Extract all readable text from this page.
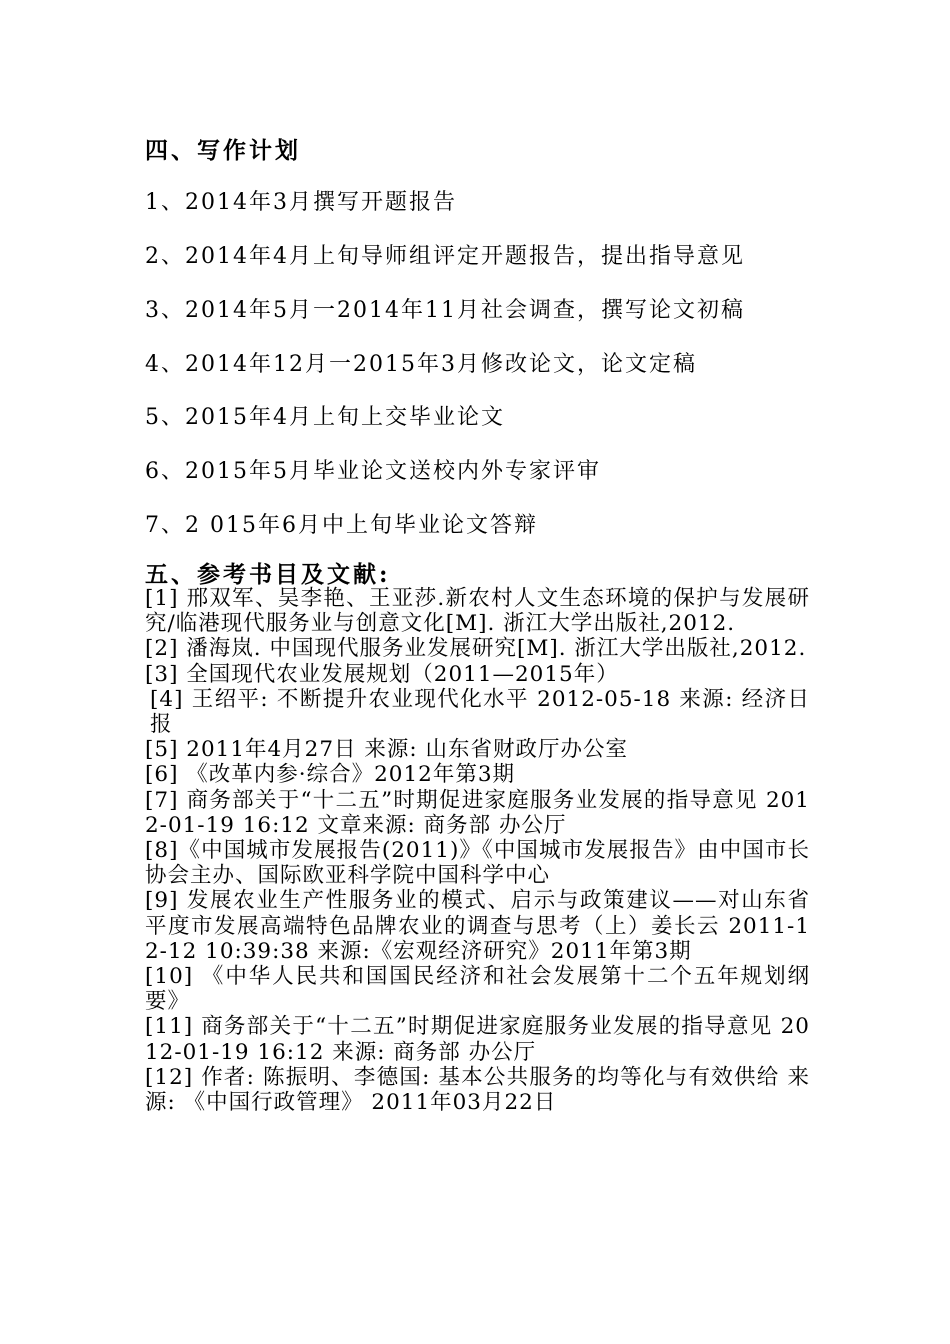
四、写作计划
1、2014年3月撰写开题报告
2、2014年4月上旬导师组评定开题报告，提出指导意见
3、2014年5月一2014年11月社会调查，撰写论文初稿
4、2014年12月一2015年3月修改论文，论文定稿
5、2015年4月上旬上交毕业论文
6、2015年5月毕业论文送校内外专家评审
7、2 015年6月中上旬毕业论文答辩
五、参考书目及文献:
[1] 邢双军、吴李艳、王亚莎.新农村人文生态环境的保护与发展研究/临港现代服务业与创意文化[M]. 浙江大学出版社,2012.
[2] 潘海岚. 中国现代服务业发展研究[M]. 浙江大学出版社,2012.
[3] 全国现代农业发展规划（2011—2015年）
[4] 王绍平: 不断提升农业现代化水平 2012-05-18 来源: 经济日报
[5] 2011年4月27日 来源: 山东省财政厅办公室
[6] 《改革内参·综合》2012年第3期
[7] 商务部关于“十二五”时期促进家庭服务业发展的指导意见 2012-01-19 16:12 文章来源: 商务部 办公厅
[8]《中国城市发展报告(2011)》《中国城市发展报告》由中国市长协会主办、国际欧亚科学院中国科学中心
[9] 发展农业生产性服务业的模式、启示与政策建议——对山东省平度市发展高端特色品牌农业的调查与思考（上）姜长云 2011-12-12 10:39:38 来源:《宏观经济研究》2011年第3期
[10] 《中华人民共和国国民经济和社会发展第十二个五年规划纲要》
[11] 商务部关于“十二五”时期促进家庭服务业发展的指导意见 2012-01-19 16:12 来源: 商务部 办公厅
[12] 作者: 陈振明、李德国: 基本公共服务的均等化与有效供给 来源: 《中国行政管理》 2011年03月22日
